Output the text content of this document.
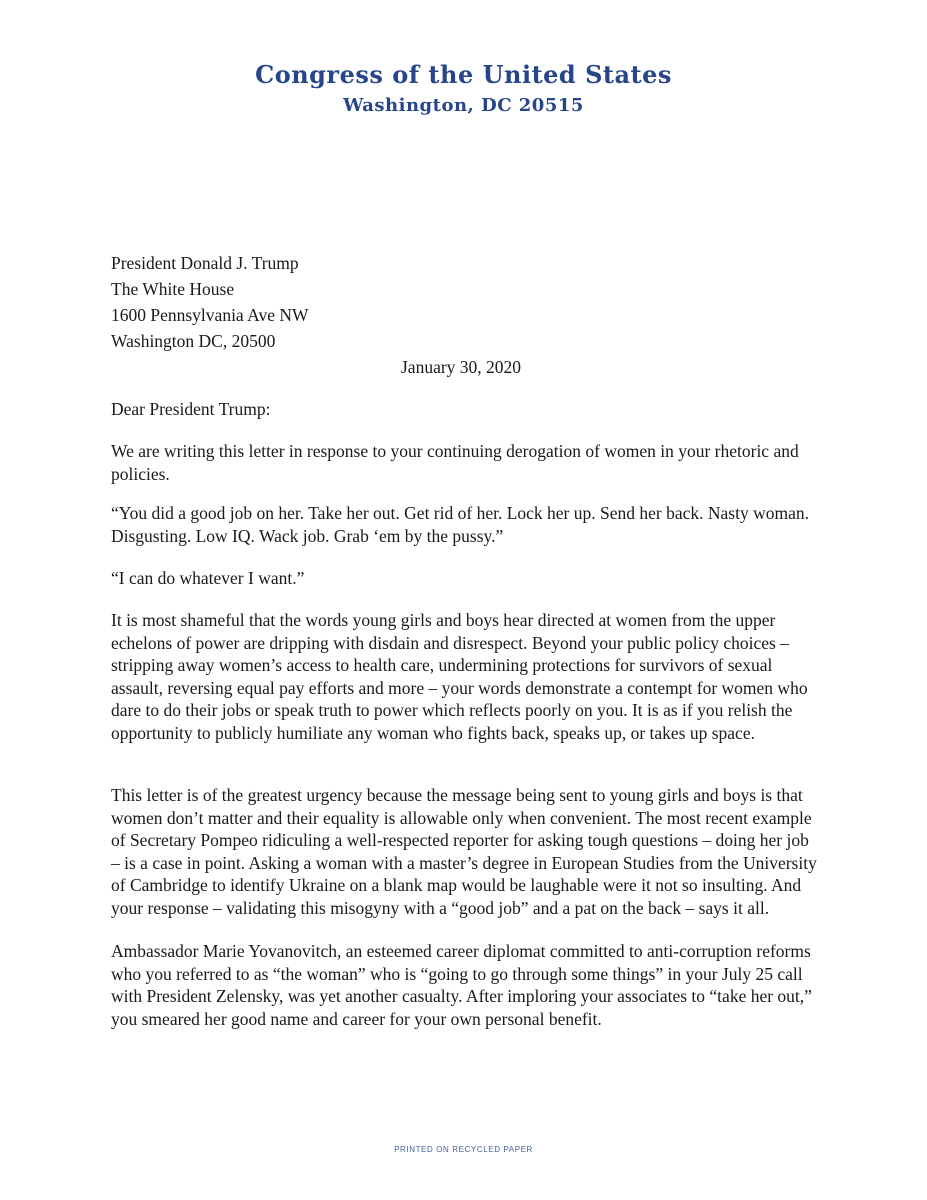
Congress of the United States
Washington, DC 20515
President Donald J. Trump
The White House
1600 Pennsylvania Ave NW
Washington DC, 20500
January 30, 2020

Dear President Trump:

We are writing this letter in response to your continuing derogation of women in your rhetoric and policies.

“You did a good job on her. Take her out. Get rid of her. Lock her up. Send her back. Nasty woman. Disgusting. Low IQ. Wack job. Grab ‘em by the pussy.”

“I can do whatever I want.”

It is most shameful that the words young girls and boys hear directed at women from the upper echelons of power are dripping with disdain and disrespect. Beyond your public policy choices – stripping away women’s access to health care, undermining protections for survivors of sexual assault, reversing equal pay efforts and more – your words demonstrate a contempt for women who dare to do their jobs or speak truth to power which reflects poorly on you. It is as if you relish the opportunity to publicly humiliate any woman who fights back, speaks up, or takes up space.

This letter is of the greatest urgency because the message being sent to young girls and boys is that women don’t matter and their equality is allowable only when convenient. The most recent example of Secretary Pompeo ridiculing a well-respected reporter for asking tough questions – doing her job – is a case in point. Asking a woman with a master’s degree in European Studies from the University of Cambridge to identify Ukraine on a blank map would be laughable were it not so insulting. And your response – validating this misogyny with a “good job” and a pat on the back – says it all.

Ambassador Marie Yovanovitch, an esteemed career diplomat committed to anti-corruption reforms who you referred to as “the woman” who is “going to go through some things” in your July 25 call with President Zelensky, was yet another casualty. After imploring your associates to “take her out,” you smeared her good name and career for your own personal benefit.

PRINTED ON RECYCLED PAPER
